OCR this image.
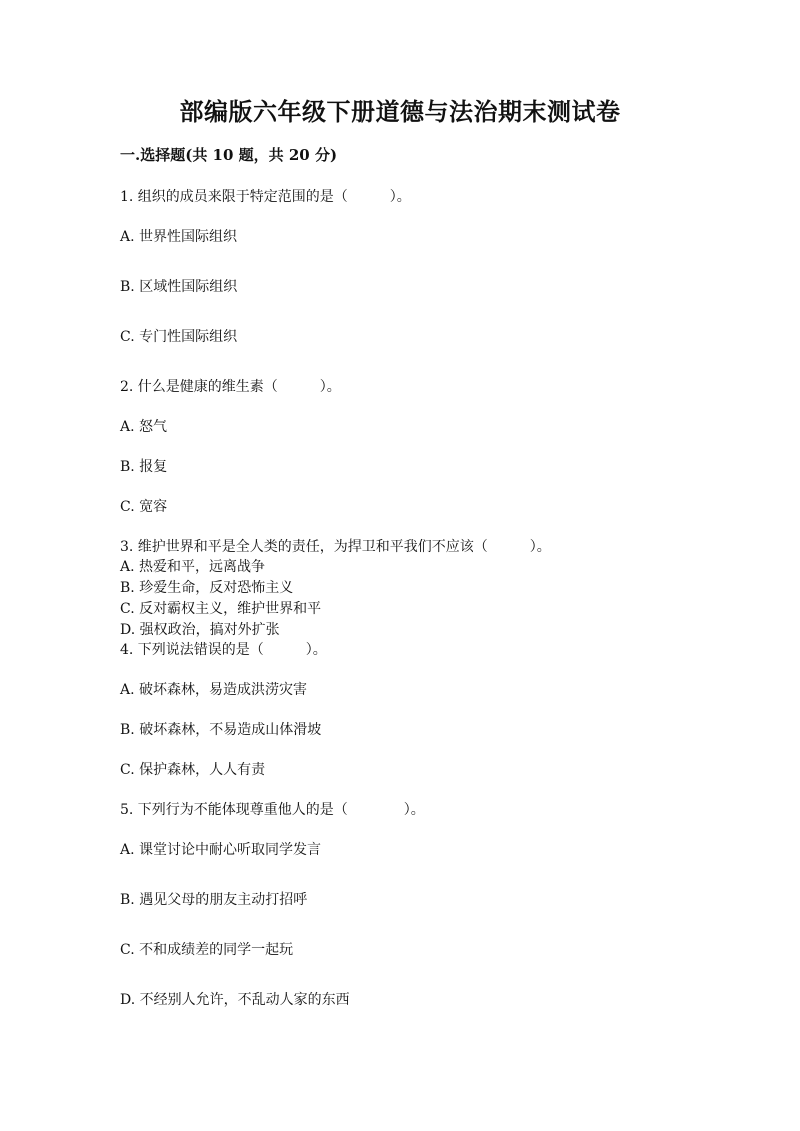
部编版六年级下册道德与法治期末测试卷
一.选择题(共 10 题，共 20 分)
1. 组织的成员来限于特定范围的是（　　　）。
A. 世界性国际组织
B. 区域性国际组织
C. 专门性国际组织
2. 什么是健康的维生素（　　　）。
A. 怒气
B. 报复
C. 宽容
3. 维护世界和平是全人类的责任，为捍卫和平我们不应该（　　　）。
A. 热爱和平，远离战争
B. 珍爱生命，反对恐怖主义
C. 反对霸权主义，维护世界和平
D. 强权政治，搞对外扩张
4. 下列说法错误的是（　　　）。
A. 破坏森林，易造成洪涝灾害
B. 破坏森林，不易造成山体滑坡
C. 保护森林，人人有责
5. 下列行为不能体现尊重他人的是（　　　　）。
A. 课堂讨论中耐心听取同学发言
B. 遇见父母的朋友主动打招呼
C. 不和成绩差的同学一起玩
D. 不经别人允许，不乱动人家的东西
